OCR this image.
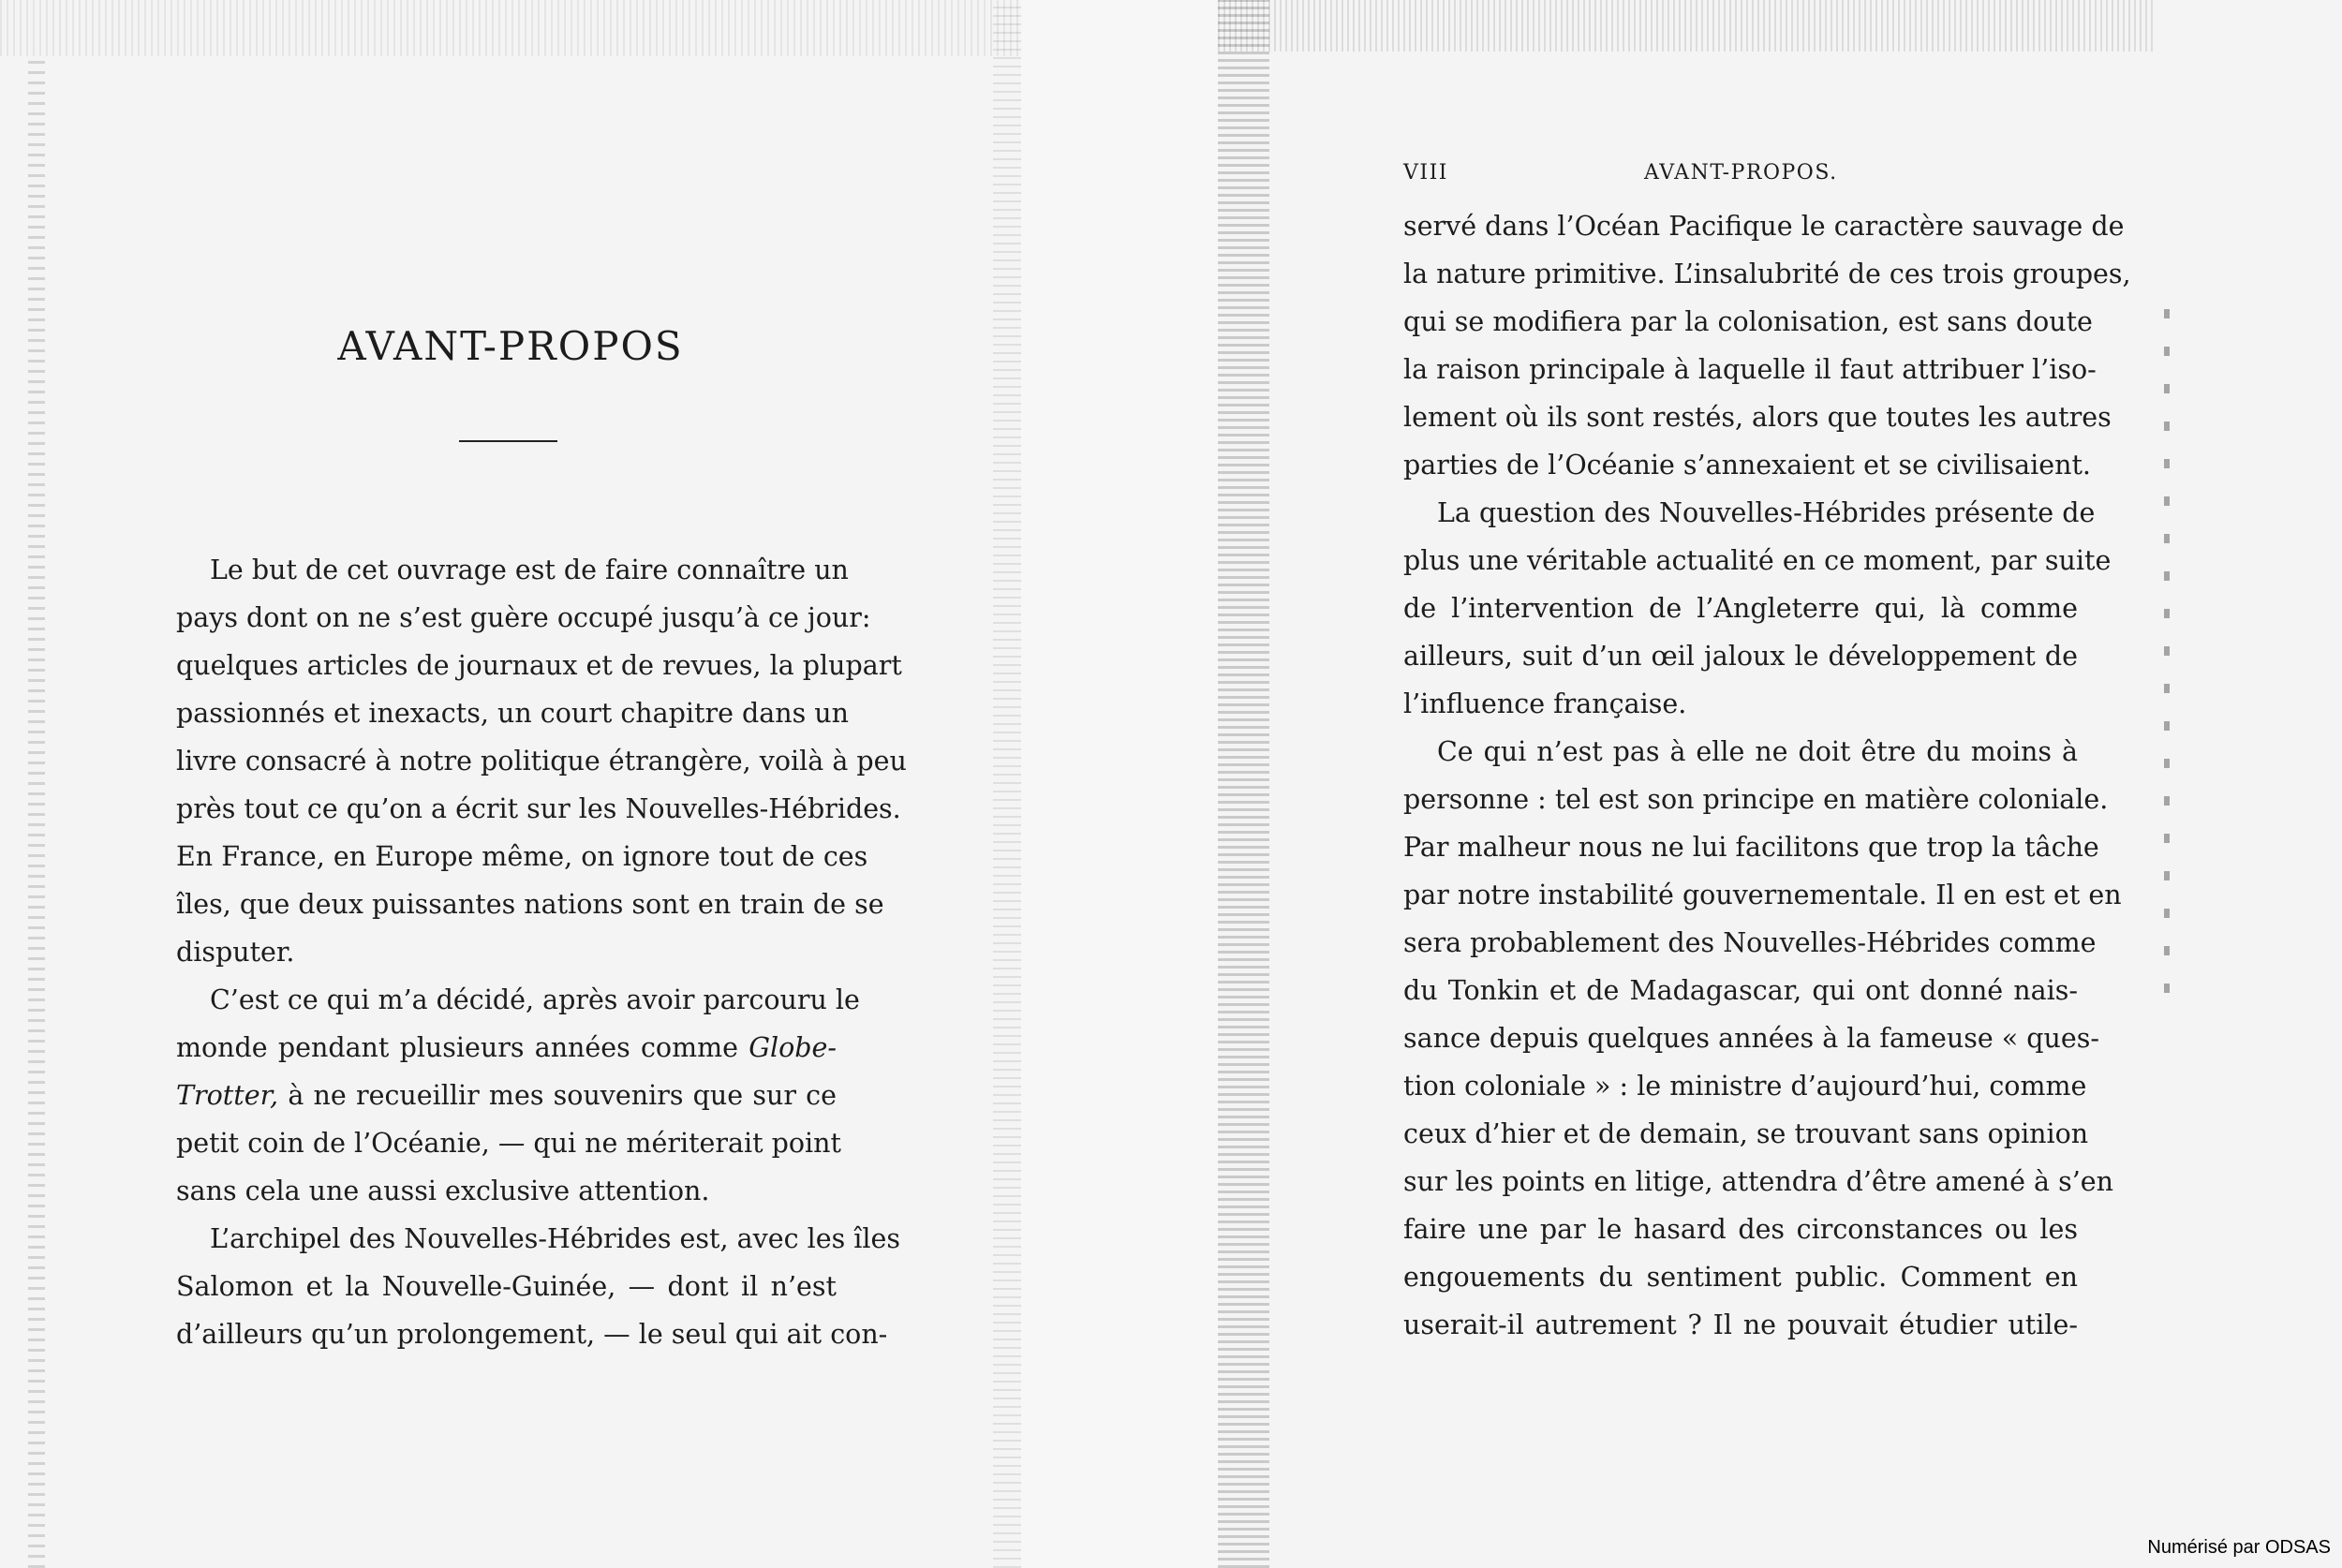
AVANT-PROPOS
Le but de cet ouvrage est de faire connaître un
pays dont on ne s’est guère occupé jusqu’à ce jour:
quelques articles de journaux et de revues, la plupart
passionnés et inexacts, un court chapitre dans un
livre consacré à notre politique étrangère, voilà à peu
près tout ce qu’on a écrit sur les Nouvelles-Hébrides.
En France, en Europe même, on ignore tout de ces
îles, que deux puissantes nations sont en train de se
disputer.
C’est ce qui m’a décidé, après avoir parcouru le
monde pendant plusieurs années comme Globe-
Trotter, à ne recueillir mes souvenirs que sur ce
petit coin de l’Océanie, — qui ne mériterait point
sans cela une aussi exclusive attention.
L’archipel des Nouvelles-Hébrides est, avec les îles
Salomon et la Nouvelle-Guinée, — dont il n’est
d’ailleurs qu’un prolongement, — le seul qui ait con-
VIII	AVANT-PROPOS.
servé dans l’Océan Pacifique le caractère sauvage de
la nature primitive. L’insalubrité de ces trois groupes,
qui se modifiera par la colonisation, est sans doute
la raison principale à laquelle il faut attribuer l’iso-
lement où ils sont restés, alors que toutes les autres
parties de l’Océanie s’annexaient et se civilisaient.
La question des Nouvelles-Hébrides présente de
plus une véritable actualité en ce moment, par suite
de l’intervention de l’Angleterre qui, là comme
ailleurs, suit d’un œil jaloux le développement de
l’influence française.
Ce qui n’est pas à elle ne doit être du moins à
personne : tel est son principe en matière coloniale.
Par malheur nous ne lui facilitons que trop la tâche
par notre instabilité gouvernementale. Il en est et en
sera probablement des Nouvelles-Hébrides comme
du Tonkin et de Madagascar, qui ont donné nais-
sance depuis quelques années à la fameuse « ques-
tion coloniale » : le ministre d’aujourd’hui, comme
ceux d’hier et de demain, se trouvant sans opinion
sur les points en litige, attendra d’être amené à s’en
faire une par le hasard des circonstances ou les
engouements du sentiment public. Comment en
userait-il autrement ? Il ne pouvait étudier utile-
Numérisé par ODSAS
